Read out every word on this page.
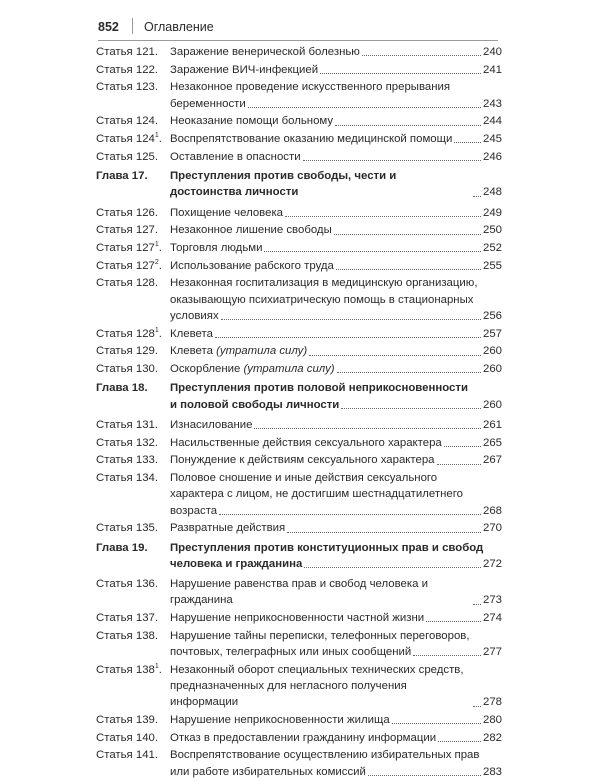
852 Оглавление
Статья 121.	Заражение венерической болезнью	240
Статья 122.	Заражение ВИЧ-инфекцией	241
Статья 123.	Незаконное проведение искусственного прерывания
беременности	243
Статья 124.	Неоказание помощи больному	244
Статья $124^1$. Воспрепятствование оказанию медицинской помощи	245
Статья 125.	Оставление в опасности	246
Глава 17.	Преступления против свободы, чести и достоинства личности	248
Статья 126.	Похищение человека	249
Статья 127.	Незаконное лишение свободы	250
Статья $127^1$. Торговля людьми	252
Статья $127^2$. Использование рабского труда	255
Статья 128.	Незаконная госпитализация в медицинскую организацию,
оказывающую психиатрическую помощь в стационарных
условиях	256
Статья $128^1$. Клевета	257
Статья 129.	Клевета (утратила силу)	260
Статья 130.	Оскорбление (утратила силу)	260
Глава 18.	Преступления против половой неприкосновенности
и половой свободы личности	260
Статья 131.	Изнасилование	261
Статья 132.	Насильственные действия сексуального характера	265
Статья 133.	Понуждение к действиям сексуального характера	267
Статья 134.	Половое сношение и иные действия сексуального
характера с лицом, не достигшим шестнадцатилетнего
возраста	268
Статья 135.	Развратные действия	270
Глава 19.	Преступления против конституционных прав и свобод
человека и гражданина	272
Статья 136.	Нарушение равенства прав и свобод человека и гражданина	273
Статья 137.	Нарушение неприкосновенности частной жизни	274
Статья 138.	Нарушение тайны переписки, телефонных переговоров,
почтовых, телеграфных или иных сообщений	277
Статья $138^1$. Незаконный оборот специальных технических средств,
предназначенных для негласного получения информации	278
Статья 139.	Нарушение неприкосновенности жилища	280
Статья 140.	Отказ в предоставлении гражданину информации	282
Статья 141.	Воспрепятствование осуществлению избирательных прав
или работе избирательных комиссий	283
